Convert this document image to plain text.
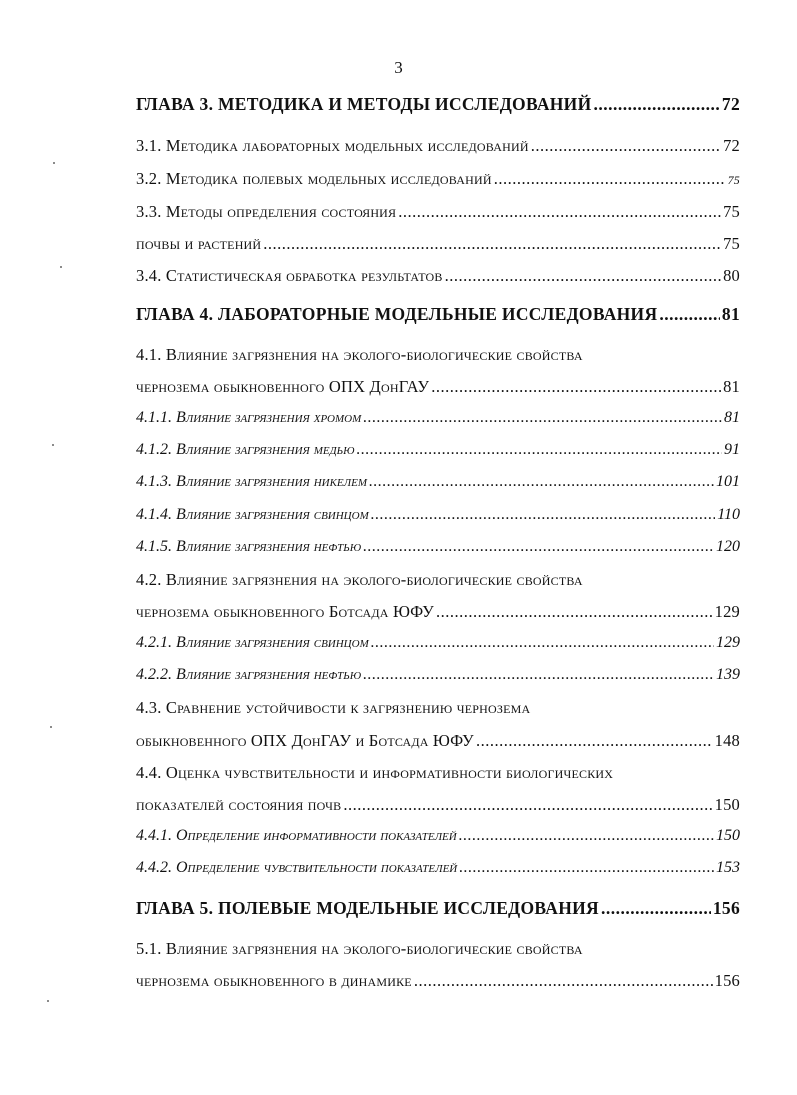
3
ГЛАВА 3. МЕТОДИКА И МЕТОДЫ ИССЛЕДОВАНИЙ .....	72
3.1. Методика лабораторных модельных исследований .....	72
3.2. Методика полевых модельных исследований .....	75
3.3. Методы определения состояния .....	75
почвы и растений .....	75
3.4. Статистическая обработка результатов .....	80
ГЛАВА 4. ЛАБОРАТОРНЫЕ МОДЕЛЬНЫЕ ИССЛЕДОВАНИЯ .....	81
4.1. Влияние загрязнения на эколого-биологические свойства
чернозема обыкновенного ОПХ ДонГАУ .....	81
4.1.1. Влияние загрязнения хромом .....	81
4.1.2. Влияние загрязнения медью .....	91
4.1.3. Влияние загрязнения никелем .....	101
4.1.4. Влияние загрязнения свинцом .....	110
4.1.5. Влияние загрязнения нефтью .....	120
4.2. Влияние загрязнения на эколого-биологические свойства
чернозема обыкновенного Ботсада ЮФУ .....	129
4.2.1. Влияние загрязнения свинцом .....	129
4.2.2. Влияние загрязнения нефтью .....	139
4.3. Сравнение устойчивости к загрязнению чернозема
обыкновенного ОПХ ДонГАУ и Ботсада ЮФУ .....	148
4.4. Оценка чувствительности и информативности биологических
показателей состояния почв .....	150
4.4.1. Определение информативности показателей .....	150
4.4.2. Определение чувствительности показателей .....	153
ГЛАВА 5. ПОЛЕВЫЕ МОДЕЛЬНЫЕ ИССЛЕДОВАНИЯ .....	156
5.1. Влияние загрязнения на эколого-биологические свойства
чернозема обыкновенного в динамике .....	156
